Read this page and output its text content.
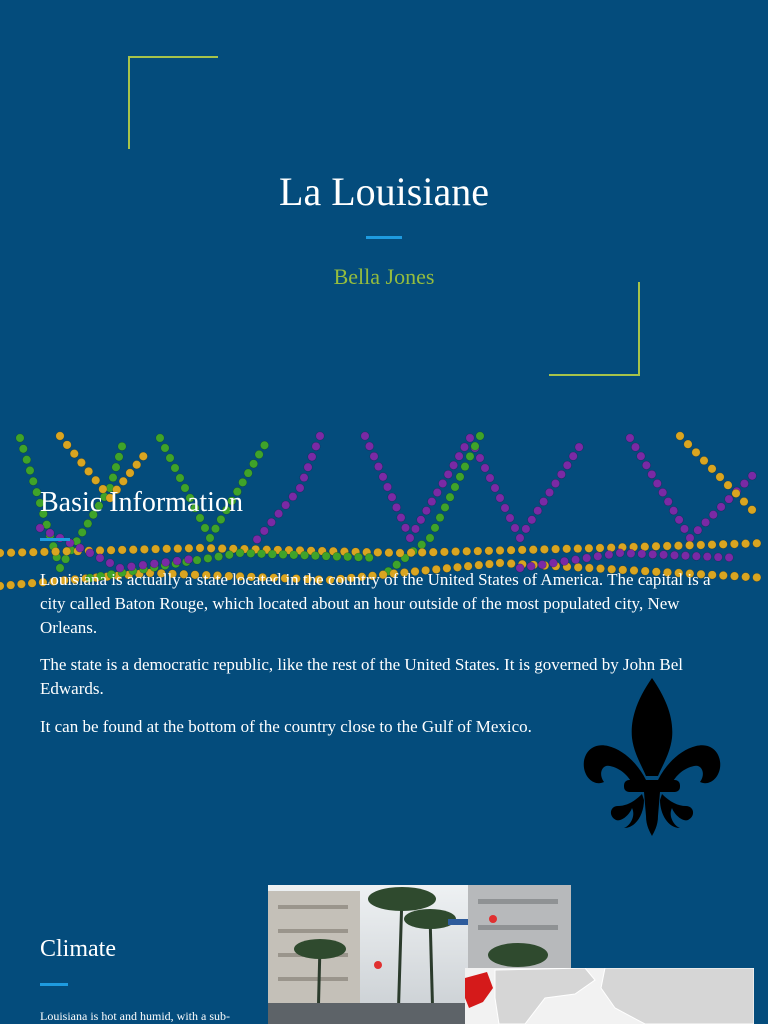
La Louisiane
Bella Jones
Basic Information
Louisiana is actually a state located in the country of the United States of America. The capital is a city called Baton Rouge, which located about an hour outside of the most populated city, New Orleans.
The state is a democratic republic, like the rest of the United States. It is governed by John Bel Edwards.
It can be found at the bottom of the country close to the Gulf of Mexico.
Climate
Louisiana is hot and humid, with a sub-
